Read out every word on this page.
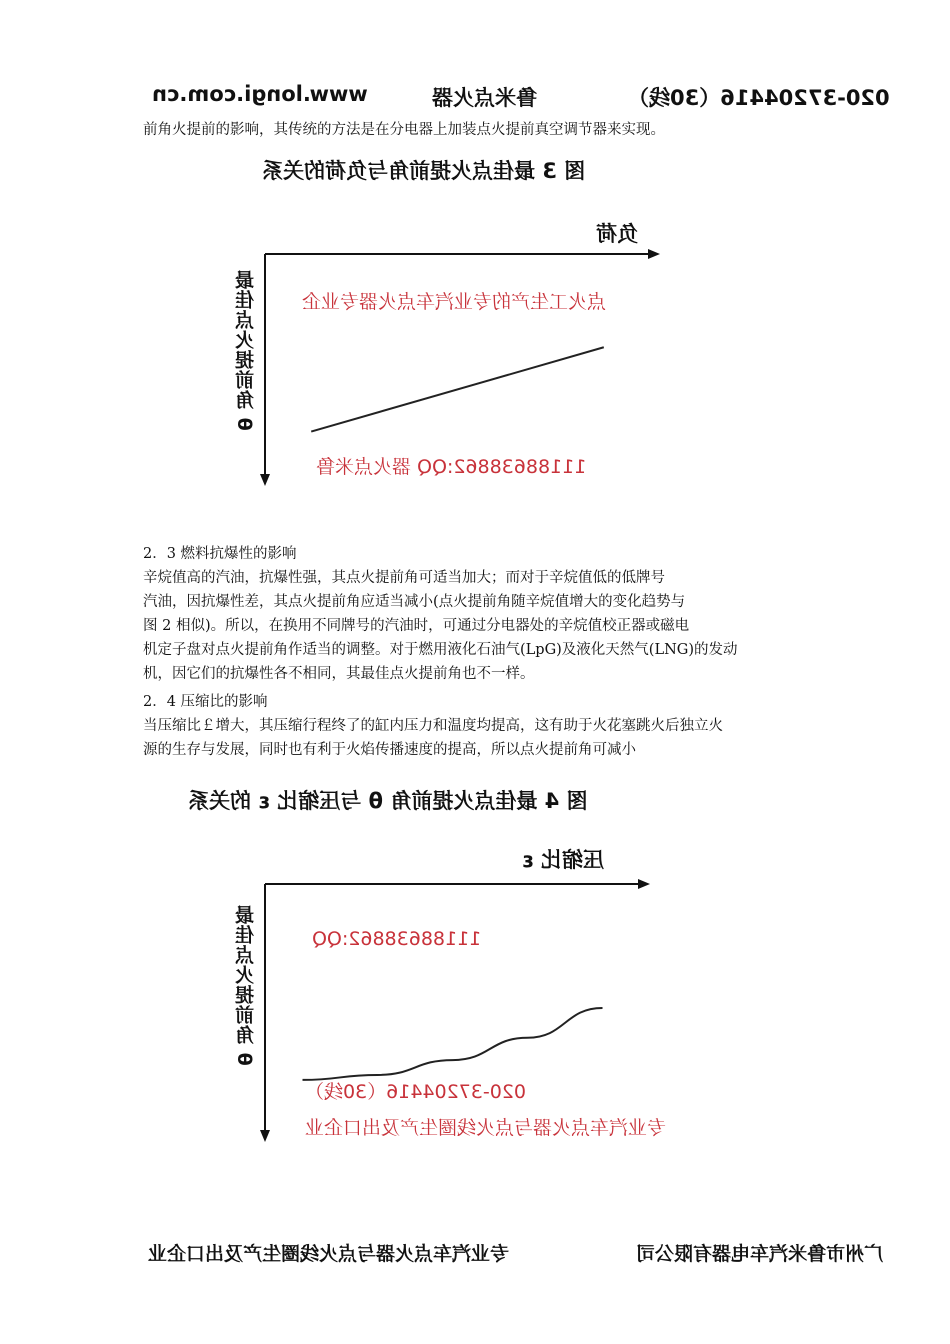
www.longi.com.cn	鲁米点火器	020-37204416（30线）
前角火提前的影响，其传统的方法是在分电器上加装点火提前真空调节器来实现。
图 3 最佳点火提前角与负荷的关系
负荷
最佳点火提前角 θ 点火工生产的专业汽车点火器专业企
11188638862:QQ 器火点米鲁
2．3 燃料抗爆性的影响
辛烷值高的汽油，抗爆性强，其点火提前角可适当加大；而对于辛烷值低的低牌号
汽油，因抗爆性差，其点火提前角应适当减小(点火提前角随辛烷值增大的变化趋势与
图 2 相似)。所以，在换用不同牌号的汽油时，可通过分电器处的辛烷值校正器或磁电
机定子盘对点火提前角作适当的调整。对于燃用液化石油气(LpG)及液化天然气(LNG)的发动
机，因它们的抗爆性各不相同，其最佳点火提前角也不一样。
2．4 压缩比的影响
当压缩比￡增大，其压缩行程终了的缸内压力和温度均提高，这有助于火花塞跳火后独立火
源的生存与发展，同时也有利于火焰传播速度的提高，所以点火提前角可减小
图 4 最佳点火提前角 θ 与压缩比 ε 的关系
压缩比 ε
最佳点火提前角 θ	11188638862:QQ
020-37204416（30线）
专业汽车点火器与点火线圈生产及出口企业
专业汽车点火器与点火线圈生产及出口企业	广州市鲁米汽车电器有限公司
